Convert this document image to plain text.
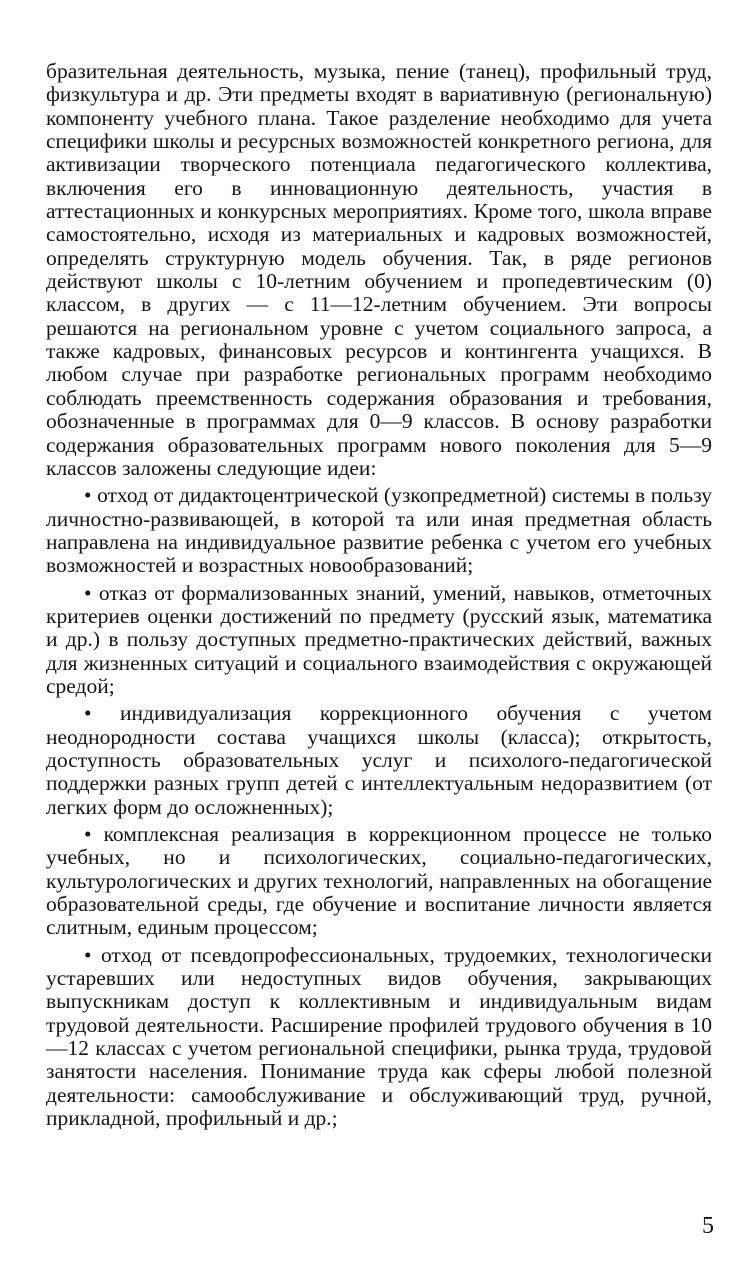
бразительная деятельность, музыка, пение (танец), профильный труд, физкультура и др. Эти предметы входят в вариативную (региональную) компоненту учебного плана. Такое разделение необходимо для учета специфики школы и ресурсных возможностей конкретного региона, для активизации творческого потенциала педагогического коллектива, включения его в инновационную деятельность, участия в аттестационных и конкурсных мероприятиях. Кроме того, школа вправе самостоятельно, исходя из материальных и кадровых возможностей, определять структурную модель обучения. Так, в ряде регионов действуют школы с 10-летним обучением и пропедевтическим (0) классом, в других — с 11—12-летним обучением. Эти вопросы решаются на региональном уровне с учетом социального запроса, а также кадровых, финансовых ресурсов и контингента учащихся. В любом случае при разработке региональных программ необходимо соблюдать преемственность содержания образования и требования, обозначенные в программах для 0—9 классов. В основу разработки содержания образовательных программ нового поколения для 5—9 классов заложены следующие идеи:

• отход от дидактоцентрической (узкопредметной) системы в пользу личностно-развивающей, в которой та или иная предметная область направлена на индивидуальное развитие ребенка с учетом его учебных возможностей и возрастных новообразований;

• отказ от формализованных знаний, умений, навыков, отметочных критериев оценки достижений по предмету (русский язык, математика и др.) в пользу доступных предметно-практических действий, важных для жизненных ситуаций и социального взаимодействия с окружающей средой;

• индивидуализация коррекционного обучения с учетом неоднородности состава учащихся школы (класса); открытость, доступность образовательных услуг и психолого-педагогической поддержки разных групп детей с интеллектуальным недоразвитием (от легких форм до осложненных);

• комплексная реализация в коррекционном процессе не только учебных, но и психологических, социально-педагогических, культурологических и других технологий, направленных на обогащение образовательной среды, где обучение и воспитание личности является слитным, единым процессом;

• отход от псевдопрофессиональных, трудоемких, технологически устаревших или недоступных видов обучения, закрывающих выпускникам доступ к коллективным и индивидуальным видам трудовой деятельности. Расширение профилей трудового обучения в 10—12 классах с учетом региональной специфики, рынка труда, трудовой занятости населения. Понимание труда как сферы любой полезной деятельности: самообслуживание и обслуживающий труд, ручной, прикладной, профильный и др.;

5
